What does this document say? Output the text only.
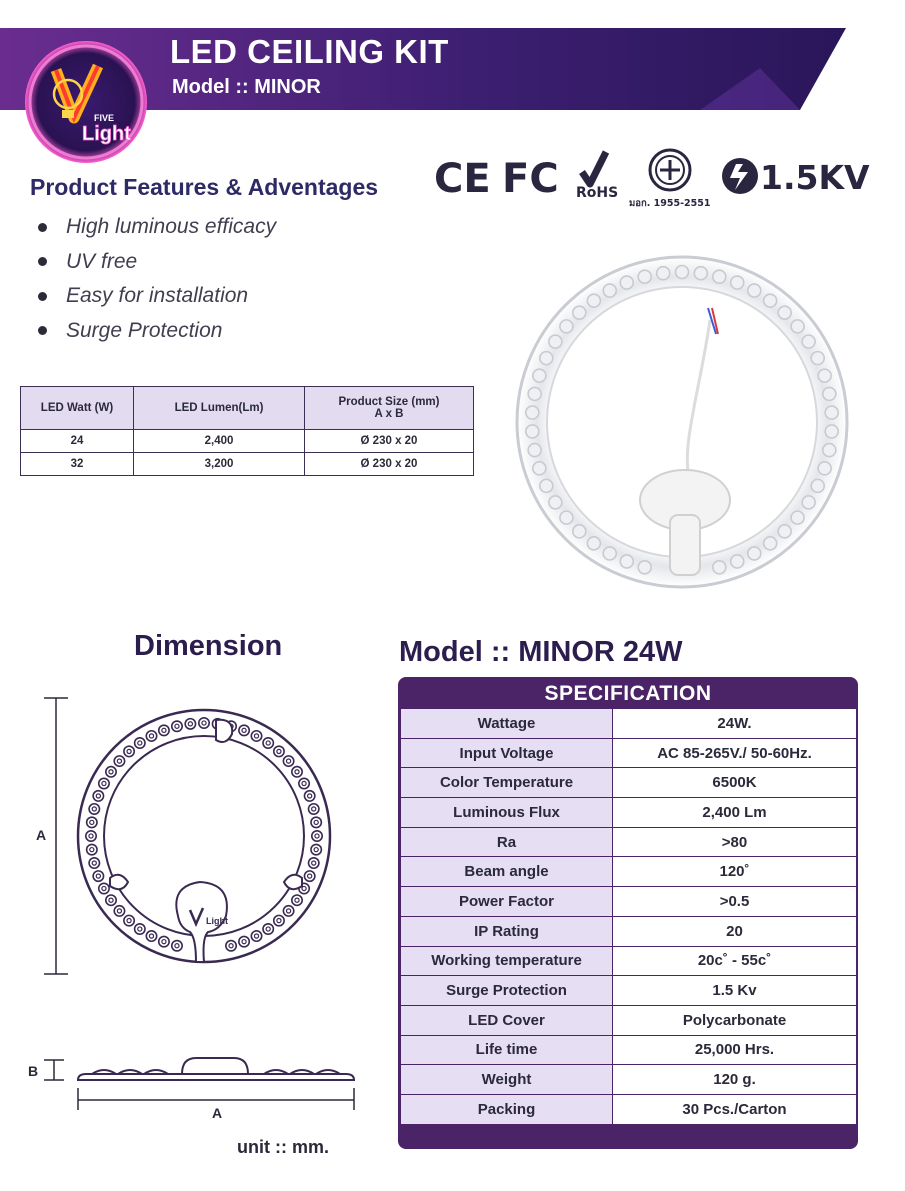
LED CEILING KIT
Model :: MINOR
FIVE
Light
CE FC RoHS
มอก. 1955-2551
1.5KV
Product Features & Adventages
High luminous efficacy
UV free
Easy for installation
Surge Protection
LED Watt (W)	LED Lumen(Lm)	Product Size (mm)
A x B
24	2,400	Ø 230 x 20
32	3,200	Ø 230 x 20
Dimension
A
Light
B
A
unit :: mm.
Model :: MINOR 24W
SPECIFICATION
Wattage	24W.
Input Voltage	AC 85-265V./ 50-60Hz.
Color Temperature	6500K
Luminous Flux	2,400 Lm
Ra	>80
Beam angle	120˚
Power Factor	>0.5
IP Rating	20
Working temperature	20c˚ - 55c˚
Surge Protection	1.5 Kv
LED Cover	Polycarbonate
Life time	25,000 Hrs.
Weight	120 g.
Packing	30 Pcs./Carton
